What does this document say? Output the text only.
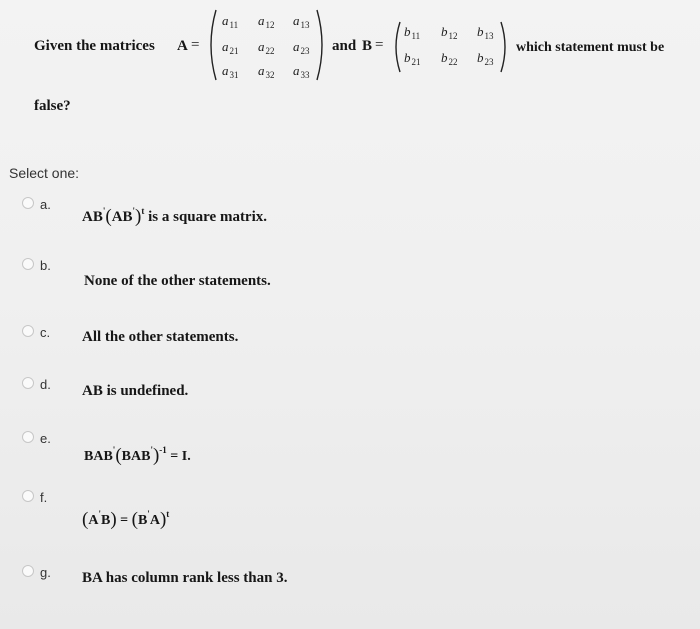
Given the matrices A =
$a_{11}$ $a_{12}$ $a_{13}$
$a_{21}$ $a_{22}$ $a_{23}$
$a_{31}$ $a_{32}$ $a_{33}$
and B =
$b_{11}$ $b_{12}$ $b_{13}$
$b_{21}$ $b_{22}$ $b_{23}$
which statement must be
false?
Select one:
a.
$AB'(AB')^t$ is a square matrix.
b.
None of the other statements.
c. All the other statements.
d. AB is undefined.
e.
$BAB'(BAB')^{-1} = I$.
f.
$(A'B) = (B'A)^t$
g. BA has column rank less than 3.
